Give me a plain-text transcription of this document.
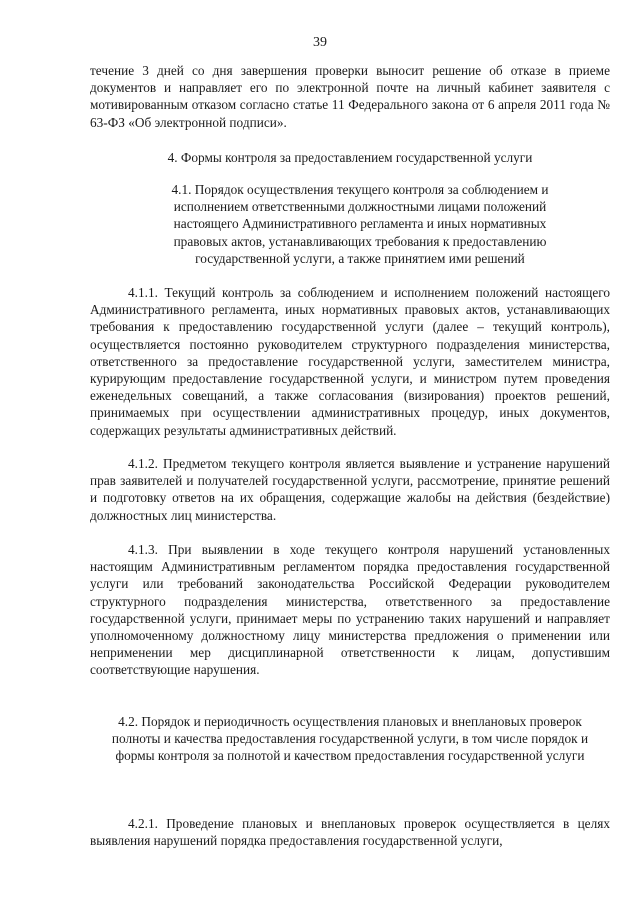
39

течение 3 дней со дня завершения проверки выносит решение об отказе в приеме документов и направляет его по электронной почте на личный кабинет заявителя с мотивированным отказом согласно статье 11 Федерального закона от 6 апреля 2011 года № 63-ФЗ «Об электронной подписи».

4. Формы контроля за предоставлением государственной услуги

4.1. Порядок осуществления текущего контроля за соблюдением и исполнением ответственными должностными лицами положений настоящего Административного регламента и иных нормативных правовых актов, устанавливающих требования к предоставлению государственной услуги, а также принятием ими решений

4.1.1. Текущий контроль за соблюдением и исполнением положений настоящего Административного регламента, иных нормативных правовых актов, устанавливающих требования к предоставлению государственной услуги (далее – текущий контроль), осуществляется постоянно руководителем структурного подразделения министерства, ответственного за предоставление государственной услуги, заместителем министра, курирующим предоставление государственной услуги, и министром путем проведения еженедельных совещаний, а также согласования (визирования) проектов решений, принимаемых при осуществлении административных процедур, иных документов, содержащих результаты административных действий.

4.1.2. Предметом текущего контроля является выявление и устранение нарушений прав заявителей и получателей государственной услуги, рассмотрение, принятие решений и подготовку ответов на их обращения, содержащие жалобы на действия (бездействие) должностных лиц министерства.

4.1.3. При выявлении в ходе текущего контроля нарушений установленных настоящим Административным регламентом порядка предоставления государственной услуги или требований законодательства Российской Федерации руководителем структурного подразделения министерства, ответственного за предоставление государственной услуги, принимает меры по устранению таких нарушений и направляет уполномоченному должностному лицу министерства предложения о применении или неприменении мер дисциплинарной ответственности к лицам, допустившим соответствующие нарушения.

4.2. Порядок и периодичность осуществления плановых и внеплановых проверок полноты и качества предоставления государственной услуги, в том числе порядок и формы контроля за полнотой и качеством предоставления государственной услуги

4.2.1. Проведение плановых и внеплановых проверок осуществляется в целях выявления нарушений порядка предоставления государственной услуги,
